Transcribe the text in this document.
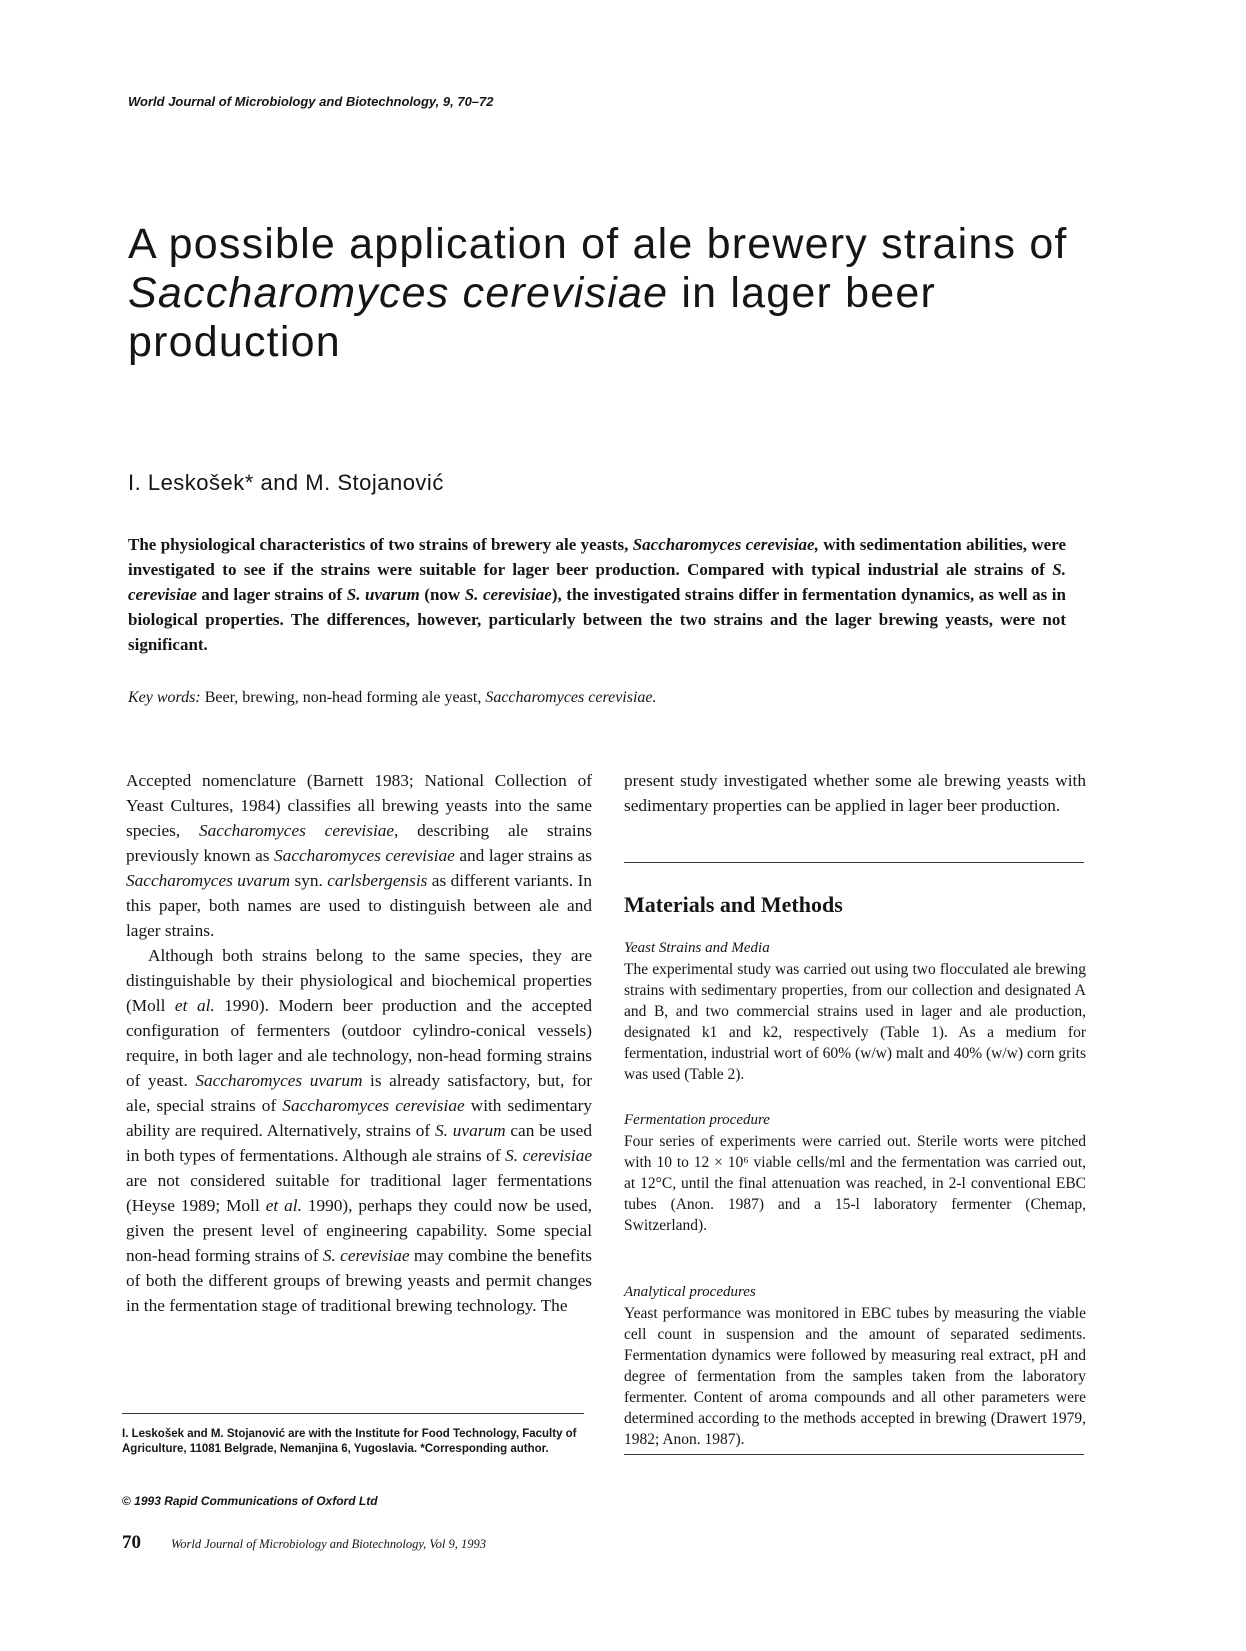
World Journal of Microbiology and Biotechnology, 9, 70–72
A possible application of ale brewery strains of Saccharomyces cerevisiae in lager beer production
I. Leskošek* and M. Stojanović

The physiological characteristics of two strains of brewery ale yeasts, Saccharomyces cerevisiae, with sedimentation abilities, were investigated to see if the strains were suitable for lager beer production. Compared with typical industrial ale strains of S. cerevisiae and lager strains of S. uvarum (now S. cerevisiae), the investigated strains differ in fermentation dynamics, as well as in biological properties. The differences, however, particularly between the two strains and the lager brewing yeasts, were not significant.

Key words: Beer, brewing, non-head forming ale yeast, Saccharomyces cerevisiae.

Accepted nomenclature (Barnett 1983; National Collection of Yeast Cultures, 1984) classifies all brewing yeasts into the same species, Saccharomyces cerevisiae, describing ale strains previously known as Saccharomyces cerevisiae and lager strains as Saccharomyces uvarum syn. carlsbergensis as different variants. In this paper, both names are used to distinguish between ale and lager strains.

Although both strains belong to the same species, they are distinguishable by their physiological and biochemical properties (Moll et al. 1990). Modern beer production and the accepted configuration of fermenters (outdoor cylindro-conical vessels) require, in both lager and ale technology, non-head forming strains of yeast. Saccharomyces uvarum is already satisfactory, but, for ale, special strains of Saccharomyces cerevisiae with sedimentary ability are required. Alternatively, strains of S. uvarum can be used in both types of fermentations. Although ale strains of S. cerevisiae are not considered suitable for traditional lager fermentations (Heyse 1989; Moll et al. 1990), perhaps they could now be used, given the present level of engineering capability. Some special non-head forming strains of S. cerevisiae may combine the benefits of both the different groups of brewing yeasts and permit changes in the fermentation stage of traditional brewing technology. The

present study investigated whether some ale brewing yeasts with sedimentary properties can be applied in lager beer production.

Materials and Methods
Yeast Strains and Media

The experimental study was carried out using two flocculated ale brewing strains with sedimentary properties, from our collection and designated A and B, and two commercial strains used in lager and ale production, designated k1 and k2, respectively (Table 1). As a medium for fermentation, industrial wort of 60% (w/w) malt and 40% (w/w) corn grits was used (Table 2).

Fermentation procedure

Four series of experiments were carried out. Sterile worts were pitched with 10 to 12 × 10⁶ viable cells/ml and the fermentation was carried out, at 12°C, until the final attenuation was reached, in 2-l conventional EBC tubes (Anon. 1987) and a 15-l laboratory fermenter (Chemap, Switzerland).

Analytical procedures

Yeast performance was monitored in EBC tubes by measuring the viable cell count in suspension and the amount of separated sediments. Fermentation dynamics were followed by measuring real extract, pH and degree of fermentation from the samples taken from the laboratory fermenter. Content of aroma compounds and all other parameters were determined according to the methods accepted in brewing (Drawert 1979, 1982; Anon. 1987).

I. Leskošek and M. Stojanović are with the Institute for Food Technology, Faculty of Agriculture, 11081 Belgrade, Nemanjina 6, Yugoslavia. *Corresponding author.
© 1993 Rapid Communications of Oxford Ltd
70 World Journal of Microbiology and Biotechnology, Vol 9, 1993
